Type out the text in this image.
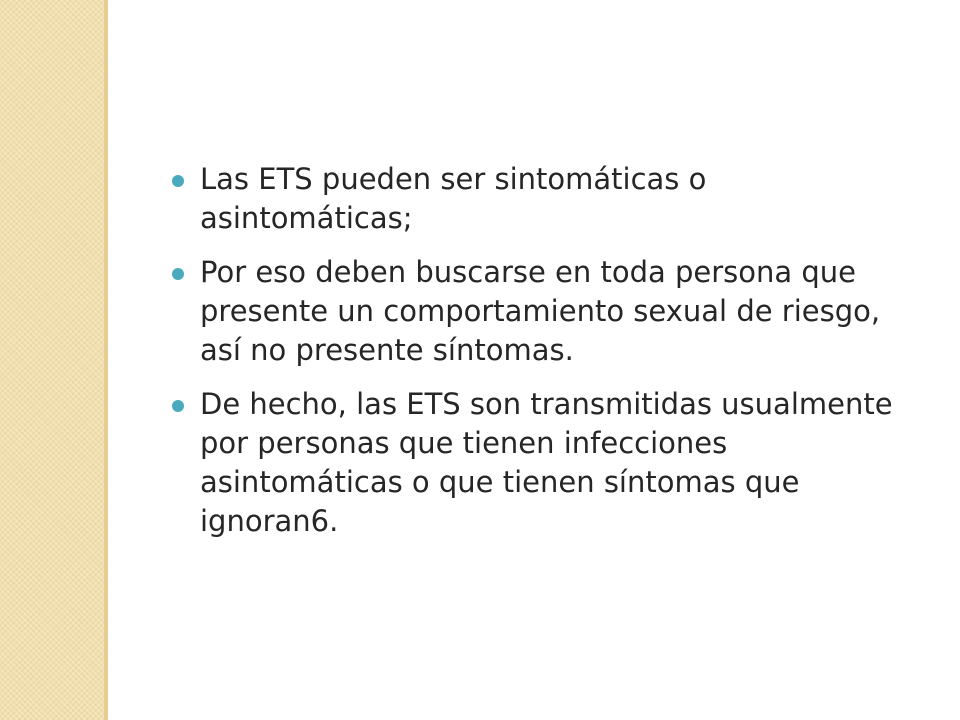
Las ETS pueden ser sintomáticas o asintomáticas;
Por eso deben buscarse en toda persona que presente un comportamiento sexual de riesgo, así no presente síntomas.
De hecho, las ETS son transmitidas usualmente por personas que tienen infecciones asintomáticas o que tienen síntomas que ignoran6.
